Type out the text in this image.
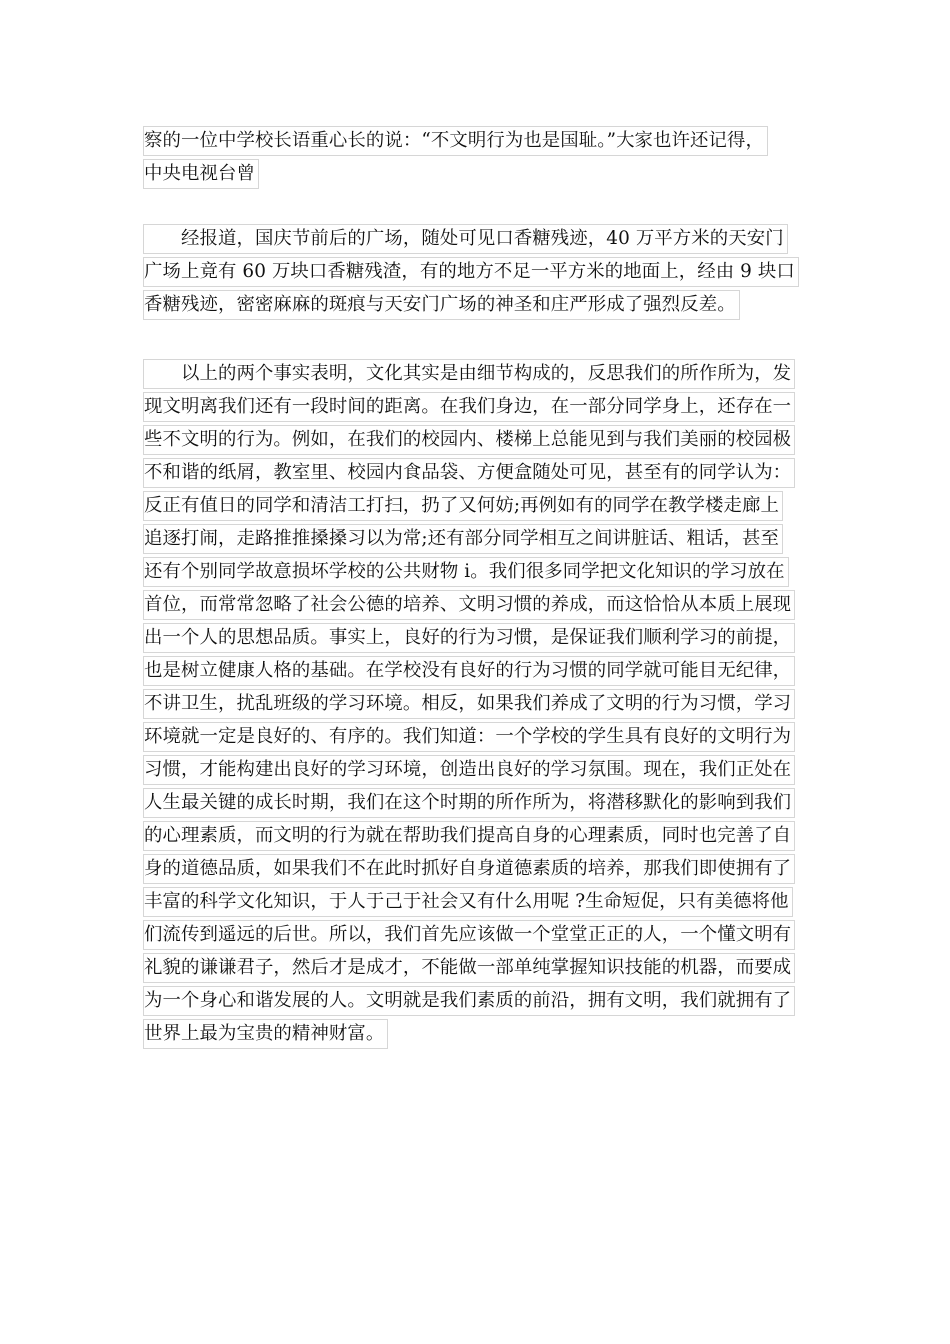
察的一位中学校长语重心长的说：“不文明行为也是国耻。”大家也许还记得，
中央电视台曾
　　经报道，国庆节前后的广场，随处可见口香糖残迹，40 万平方米的天安门
广场上竟有 60 万块口香糖残渣，有的地方不足一平方米的地面上，经由 9 块口
香糖残迹，密密麻麻的斑痕与天安门广场的神圣和庄严形成了强烈反差。
　　以上的两个事实表明，文化其实是由细节构成的，反思我们的所作所为，发
现文明离我们还有一段时间的距离。在我们身边，在一部分同学身上，还存在一
些不文明的行为。例如，在我们的校园内、楼梯上总能见到与我们美丽的校园极
不和谐的纸屑，教室里、校园内食品袋、方便盒随处可见，甚至有的同学认为：
反正有值日的同学和清洁工打扫，扔了又何妨;再例如有的同学在教学楼走廊上
追逐打闹，走路推推搡搡习以为常;还有部分同学相互之间讲脏话、粗话，甚至
还有个别同学故意损坏学校的公共财物 i。我们很多同学把文化知识的学习放在
首位，而常常忽略了社会公德的培养、文明习惯的养成，而这恰恰从本质上展现
出一个人的思想品质。事实上，良好的行为习惯，是保证我们顺利学习的前提，
也是树立健康人格的基础。在学校没有良好的行为习惯的同学就可能目无纪律，
不讲卫生，扰乱班级的学习环境。相反，如果我们养成了文明的行为习惯，学习
环境就一定是良好的、有序的。我们知道：一个学校的学生具有良好的文明行为
习惯，才能构建出良好的学习环境，创造出良好的学习氛围。现在，我们正处在
人生最关键的成长时期，我们在这个时期的所作所为，将潜移默化的影响到我们
的心理素质，而文明的行为就在帮助我们提高自身的心理素质，同时也完善了自
身的道德品质，如果我们不在此时抓好自身道德素质的培养，那我们即使拥有了
丰富的科学文化知识，于人于己于社会又有什么用呢 ?生命短促，只有美德将他
们流传到遥远的后世。所以，我们首先应该做一个堂堂正正的人，一个懂文明有
礼貌的谦谦君子，然后才是成才，不能做一部单纯掌握知识技能的机器，而要成
为一个身心和谐发展的人。文明就是我们素质的前沿，拥有文明，我们就拥有了
世界上最为宝贵的精神财富。
